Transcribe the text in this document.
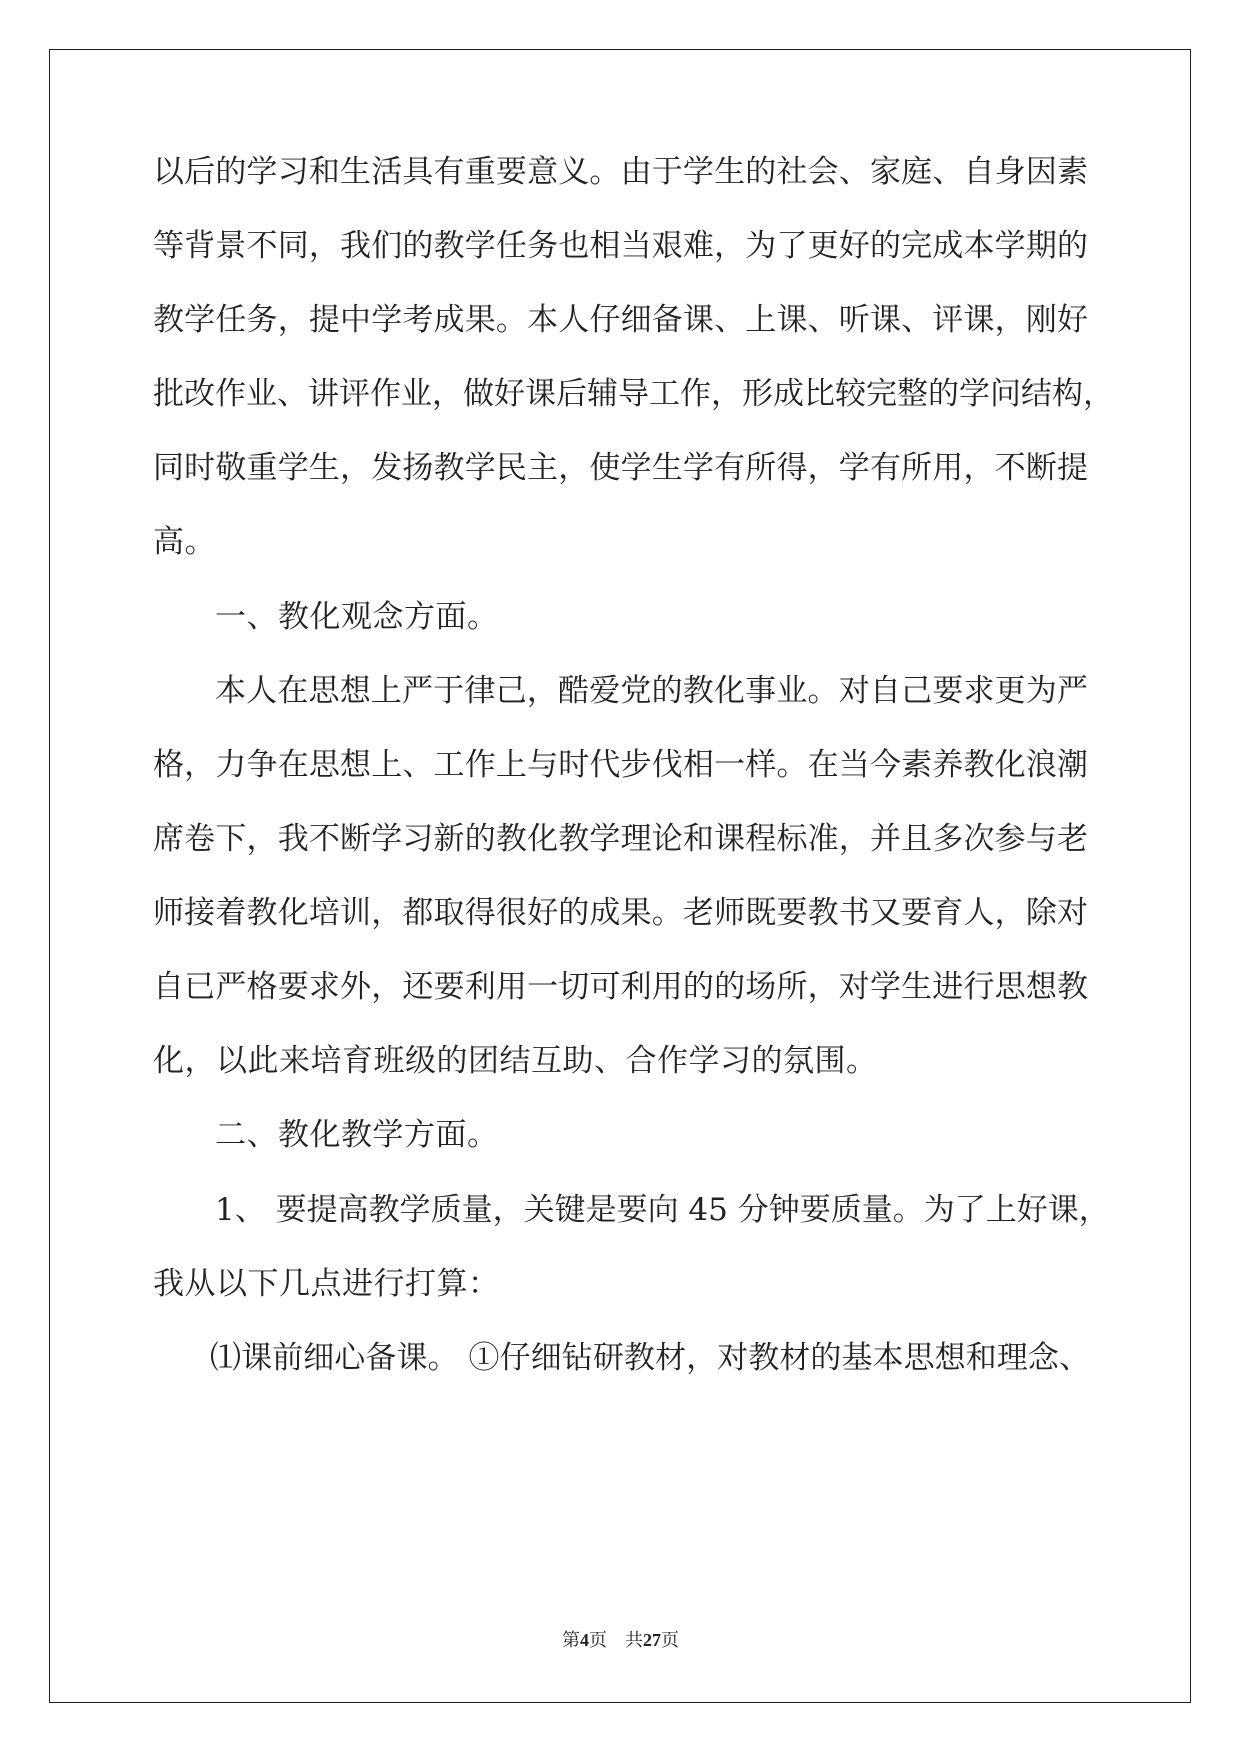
以后的学习和生活具有重要意义。由于学生的社会、家庭、自身因素

等背景不同，我们的教学任务也相当艰难，为了更好的完成本学期的

教学任务，提中学考成果。本人仔细备课、上课、听课、评课，刚好

批改作业、讲评作业，做好课后辅导工作，形成比较完整的学问结构，

同时敬重学生，发扬教学民主，使学生学有所得，学有所用，不断提

高。

一、教化观念方面。

本人在思想上严于律己，酷爱党的教化事业。对自己要求更为严

格，力争在思想上、工作上与时代步伐相一样。在当今素养教化浪潮

席卷下，我不断学习新的教化教学理论和课程标准，并且多次参与老

师接着教化培训，都取得很好的成果。老师既要教书又要育人，除对

自已严格要求外，还要利用一切可利用的的场所，对学生进行思想教

化，以此来培育班级的团结互助、合作学习的氛围。

二、教化教学方面。

1、 要提高教学质量，关键是要向 45 分钟要质量。为了上好课，

我从以下几点进行打算：

⑴课前细心备课。 ①仔细钻研教材，对教材的基本思想和理念、

第4页    共27页
